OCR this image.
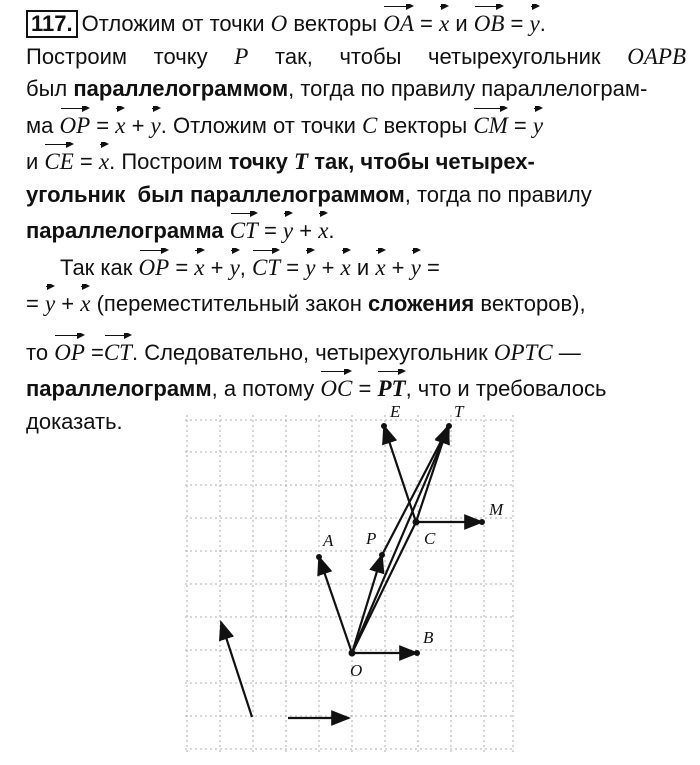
117. Отложим от точки O векторы OA = x и OB = y.
Построим точку P так, чтобы четырехугольник OAPB
был параллелограммом, тогда по правилу параллелограм-
ма OP = x + y. Отложим от точки C векторы CM = y
и CE = x. Построим точку T так, чтобы четырех-
угольник  был параллелограммом, тогда по правилу
параллелограмма CT = y + x.
Так как OP = x + y, CT = y + x и x + y =
= y + x (переместительный закон сложения векторов),
то OP =CT. Следовательно, четырехугольник OPTC —
параллелограмм, а потому OC = PT, что и требовалось
доказать.	E	T
M
A P	C
B
O
